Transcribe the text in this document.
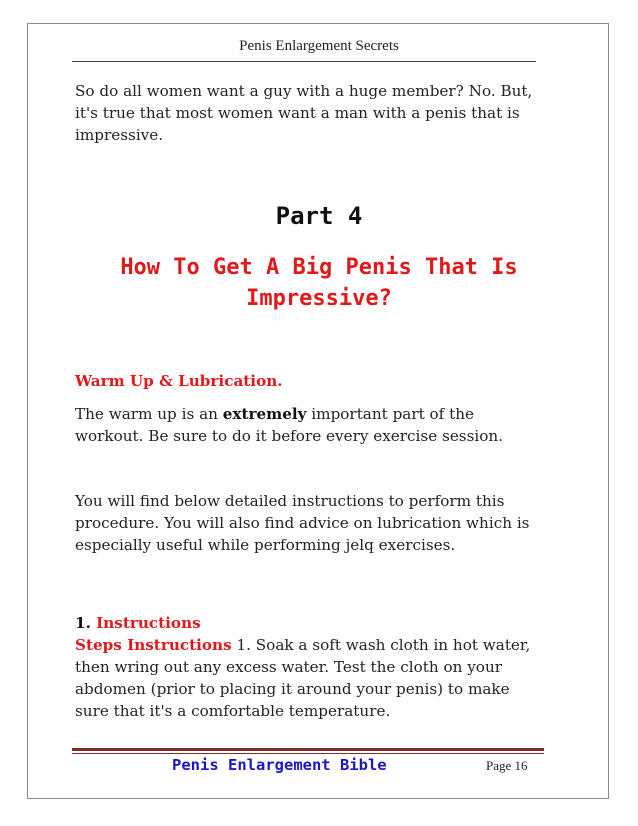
Penis Enlargement Secrets

So do all women want a guy with a huge member? No. But, it's true that most women want a man with a penis that is impressive.

Part 4
How To Get A Big Penis That Is Impressive?

Warm Up & Lubrication.

The warm up is an extremely important part of the workout. Be sure to do it before every exercise session.

You will find below detailed instructions to perform this procedure. You will also find advice on lubrication which is especially useful while performing jelq exercises.

1. Instructions
Steps Instructions 1. Soak a soft wash cloth in hot water, then wring out any excess water. Test the cloth on your abdomen (prior to placing it around your penis) to make sure that it's a comfortable temperature.

Penis Enlargement Bible	Page 16
